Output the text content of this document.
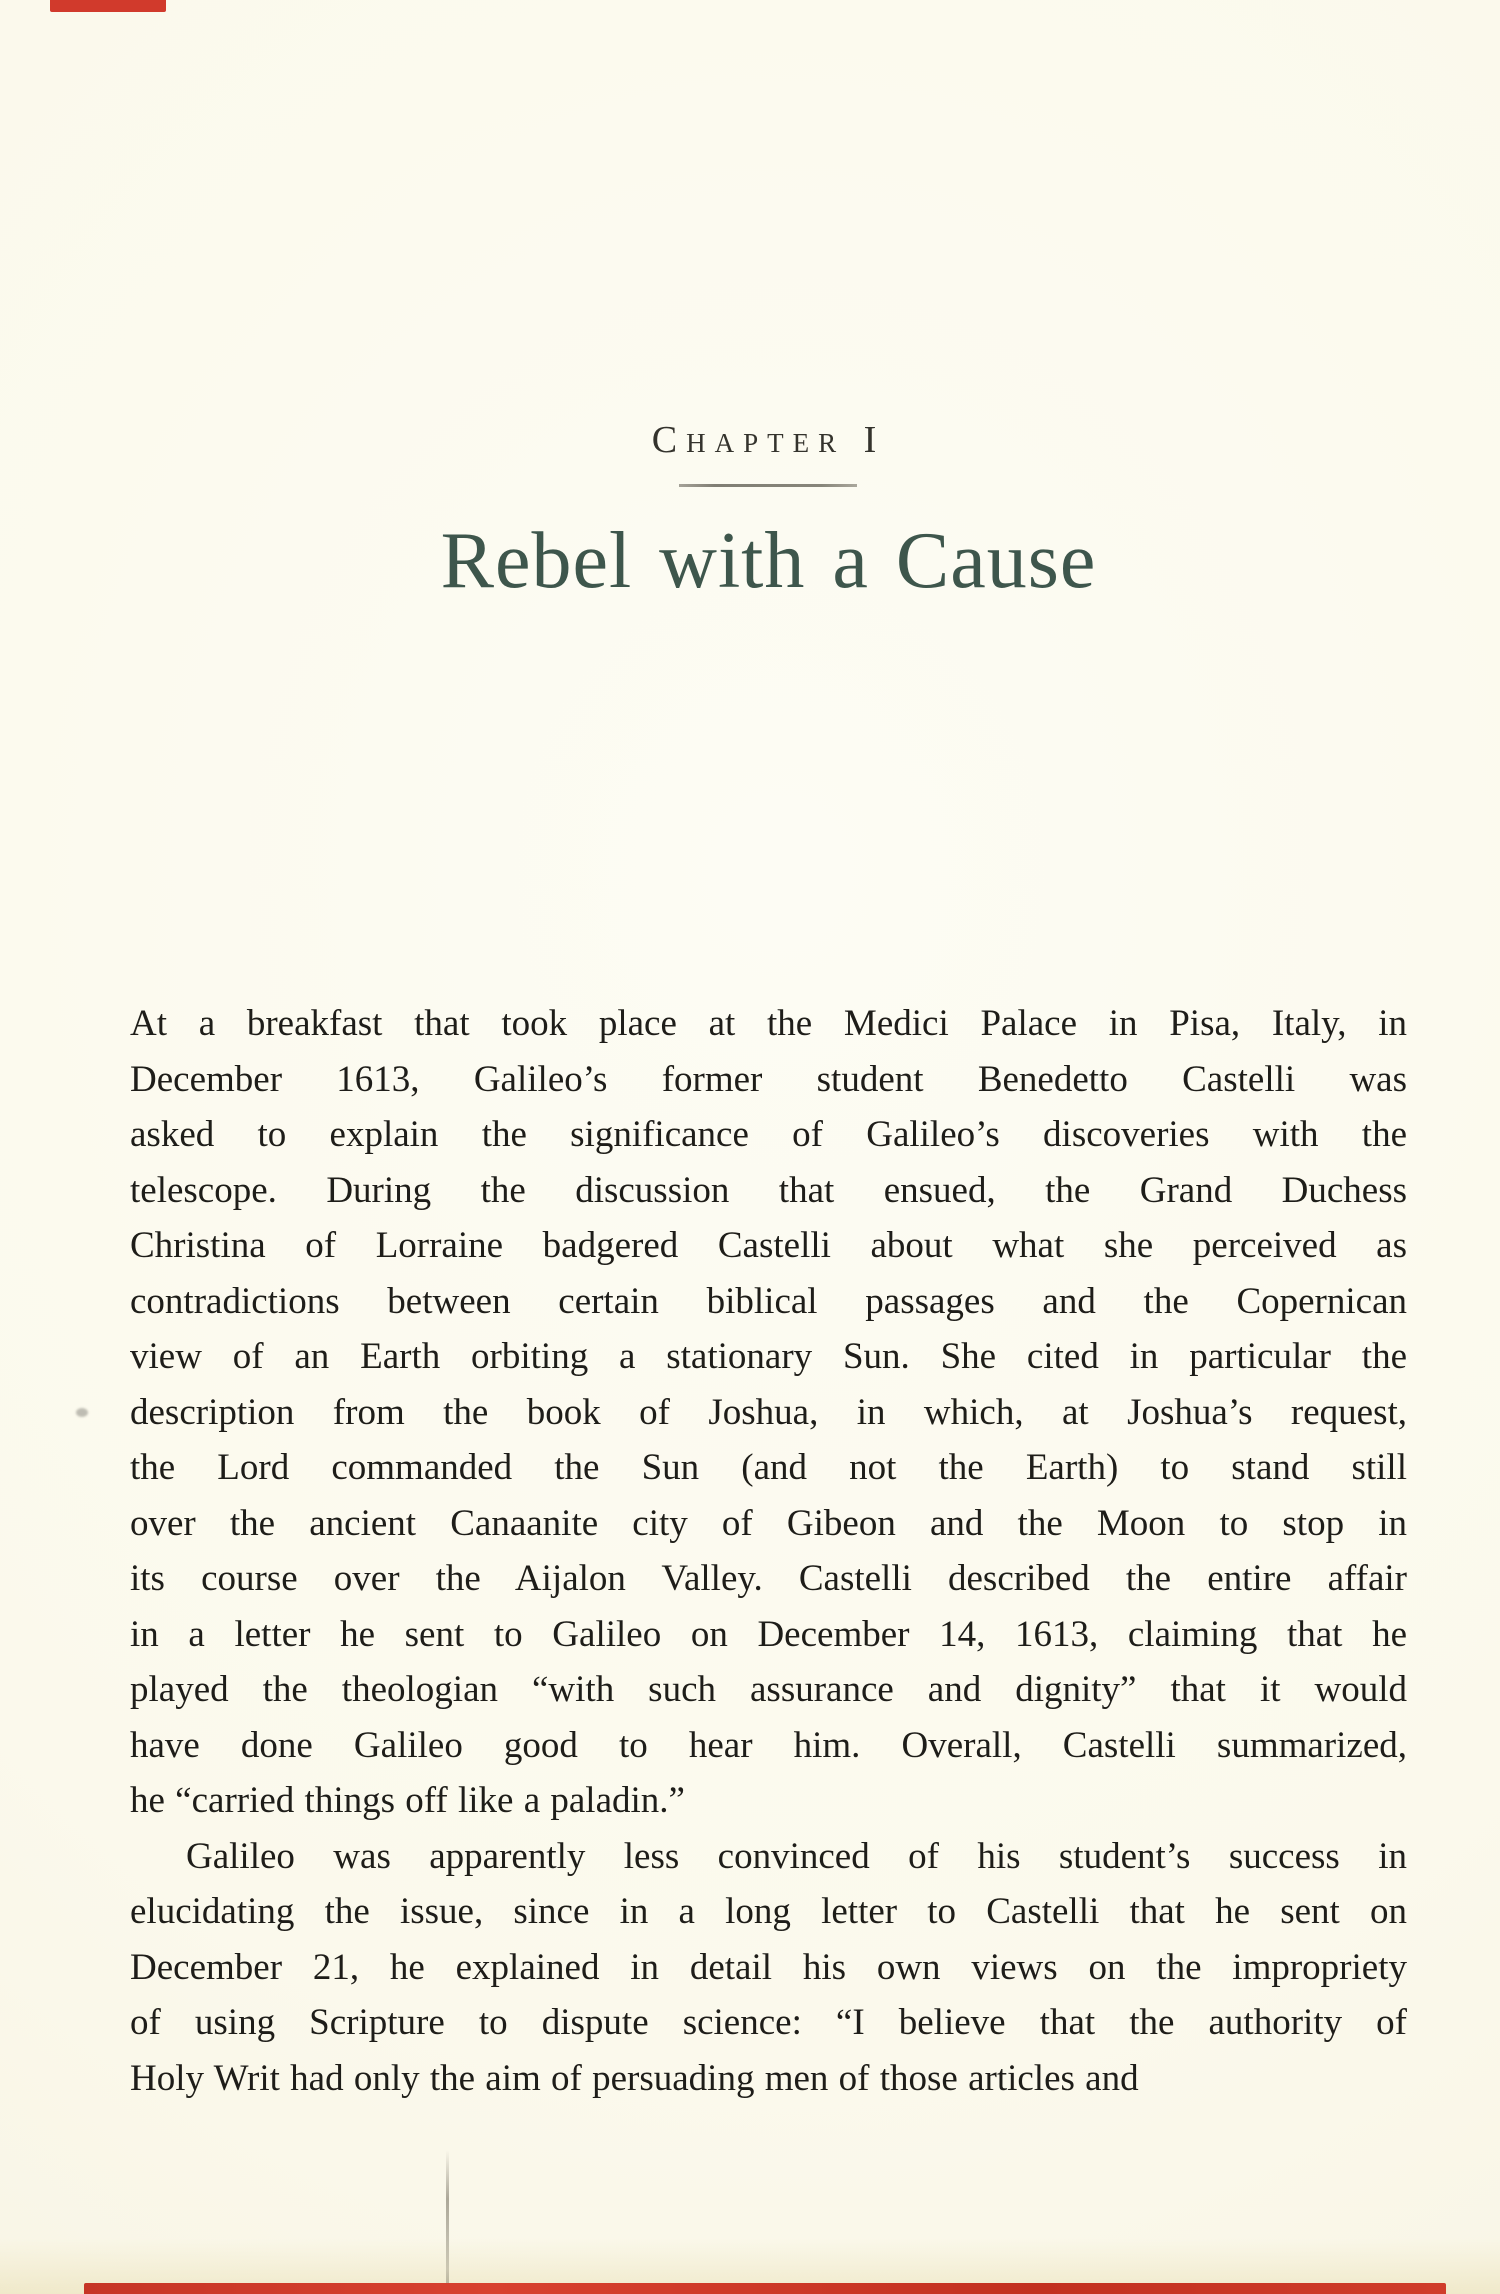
Chapter I
Rebel with a Cause
At a breakfast that took place at the Medici Palace in Pisa, Italy, in
December 1613, Galileo’s former student Benedetto Castelli was
asked to explain the significance of Galileo’s discoveries with the
telescope. During the discussion that ensued, the Grand Duchess
Christina of Lorraine badgered Castelli about what she perceived as
contradictions between certain biblical passages and the Copernican
view of an Earth orbiting a stationary Sun. She cited in particular the
description from the book of Joshua, in which, at Joshua’s request,
the Lord commanded the Sun (and not the Earth) to stand still
over the ancient Canaanite city of Gibeon and the Moon to stop in
its course over the Aijalon Valley. Castelli described the entire affair
in a letter he sent to Galileo on December 14, 1613, claiming that he
played the theologian “with such assurance and dignity” that it would
have done Galileo good to hear him. Overall, Castelli summarized,
he “carried things off like a paladin.”
Galileo was apparently less convinced of his student’s success in
elucidating the issue, since in a long letter to Castelli that he sent on
December 21, he explained in detail his own views on the impropriety
of using Scripture to dispute science: “I believe that the authority of
Holy Writ had only the aim of persuading men of those articles and
